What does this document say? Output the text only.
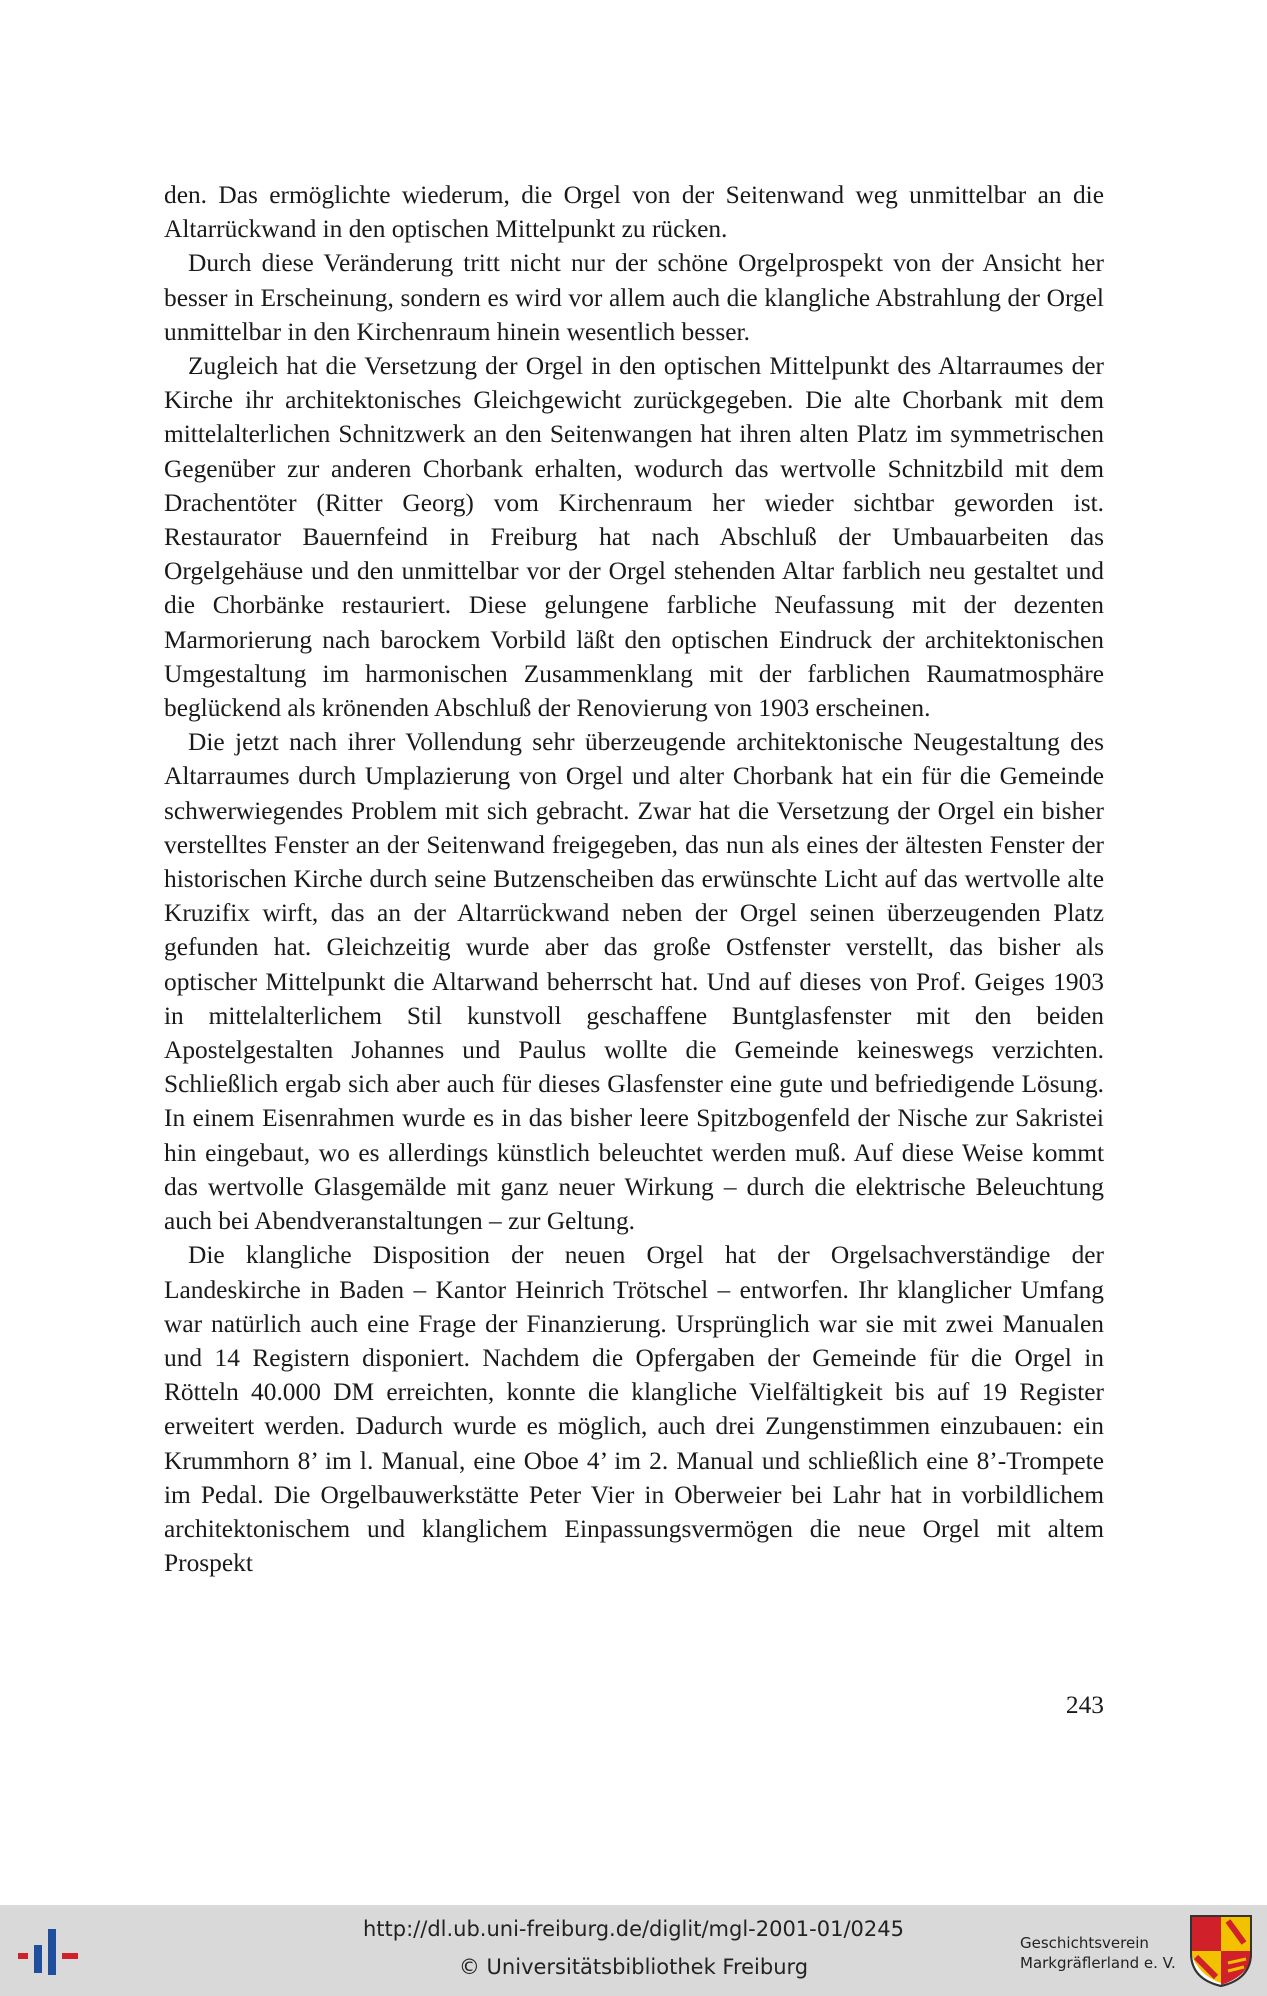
den. Das ermöglichte wiederum, die Orgel von der Seitenwand weg unmittelbar an die Altarrückwand in den optischen Mittelpunkt zu rücken.

Durch diese Veränderung tritt nicht nur der schöne Orgelprospekt von der Ansicht her besser in Erscheinung, sondern es wird vor allem auch die klangliche Abstrahlung der Orgel unmittelbar in den Kirchenraum hinein wesentlich besser.

Zugleich hat die Versetzung der Orgel in den optischen Mittelpunkt des Altarraumes der Kirche ihr architektonisches Gleichgewicht zurückgegeben. Die alte Chorbank mit dem mittelalterlichen Schnitzwerk an den Seitenwangen hat ihren alten Platz im symmetrischen Gegenüber zur anderen Chorbank erhalten, wodurch das wertvolle Schnitzbild mit dem Drachentöter (Ritter Georg) vom Kirchenraum her wieder sichtbar geworden ist. Restaurator Bauernfeind in Freiburg hat nach Abschluß der Umbauarbeiten das Orgelgehäuse und den unmittelbar vor der Orgel stehenden Altar farblich neu gestaltet und die Chorbänke restauriert. Diese gelungene farbliche Neufassung mit der dezenten Marmorierung nach barockem Vorbild läßt den optischen Eindruck der architektonischen Umgestaltung im harmonischen Zusammenklang mit der farblichen Raumatmosphäre beglückend als krönenden Abschluß der Renovierung von 1903 erscheinen.

Die jetzt nach ihrer Vollendung sehr überzeugende architektonische Neugestaltung des Altarraumes durch Umplazierung von Orgel und alter Chorbank hat ein für die Gemeinde schwerwiegendes Problem mit sich gebracht. Zwar hat die Versetzung der Orgel ein bisher verstelltes Fenster an der Seitenwand freigegeben, das nun als eines der ältesten Fenster der historischen Kirche durch seine Butzenscheiben das erwünschte Licht auf das wertvolle alte Kruzifix wirft, das an der Altarrückwand neben der Orgel seinen überzeugenden Platz gefunden hat. Gleichzeitig wurde aber das große Ostfenster verstellt, das bisher als optischer Mittelpunkt die Altarwand beherrscht hat. Und auf dieses von Prof. Geiges 1903 in mittelalterlichem Stil kunstvoll geschaffene Buntglasfenster mit den beiden Apostelgestalten Johannes und Paulus wollte die Gemeinde keineswegs verzichten. Schließlich ergab sich aber auch für dieses Glasfenster eine gute und befriedigende Lösung. In einem Eisenrahmen wurde es in das bisher leere Spitzbogenfeld der Nische zur Sakristei hin eingebaut, wo es allerdings künstlich beleuchtet werden muß. Auf diese Weise kommt das wertvolle Glasgemälde mit ganz neuer Wirkung – durch die elektrische Beleuchtung auch bei Abendveranstaltungen – zur Geltung.

Die klangliche Disposition der neuen Orgel hat der Orgelsachverständige der Landeskirche in Baden – Kantor Heinrich Trötschel – entworfen. Ihr klanglicher Umfang war natürlich auch eine Frage der Finanzierung. Ursprünglich war sie mit zwei Manualen und 14 Registern disponiert. Nachdem die Opfergaben der Gemeinde für die Orgel in Rötteln 40.000 DM erreichten, konnte die klangliche Vielfältigkeit bis auf 19 Register erweitert werden. Dadurch wurde es möglich, auch drei Zungenstimmen einzubauen: ein Krummhorn 8’ im l. Manual, eine Oboe 4’ im 2. Manual und schließlich eine 8’-Trompete im Pedal. Die Orgelbauwerkstätte Peter Vier in Oberweier bei Lahr hat in vorbildlichem architektonischem und klanglichem Einpassungsvermögen die neue Orgel mit altem Prospekt

243
http://dl.ub.uni-freiburg.de/diglit/mgl-2001-01/0245
© Universitätsbibliothek Freiburg
Geschichtsverein
Markgräflerland e. V.
